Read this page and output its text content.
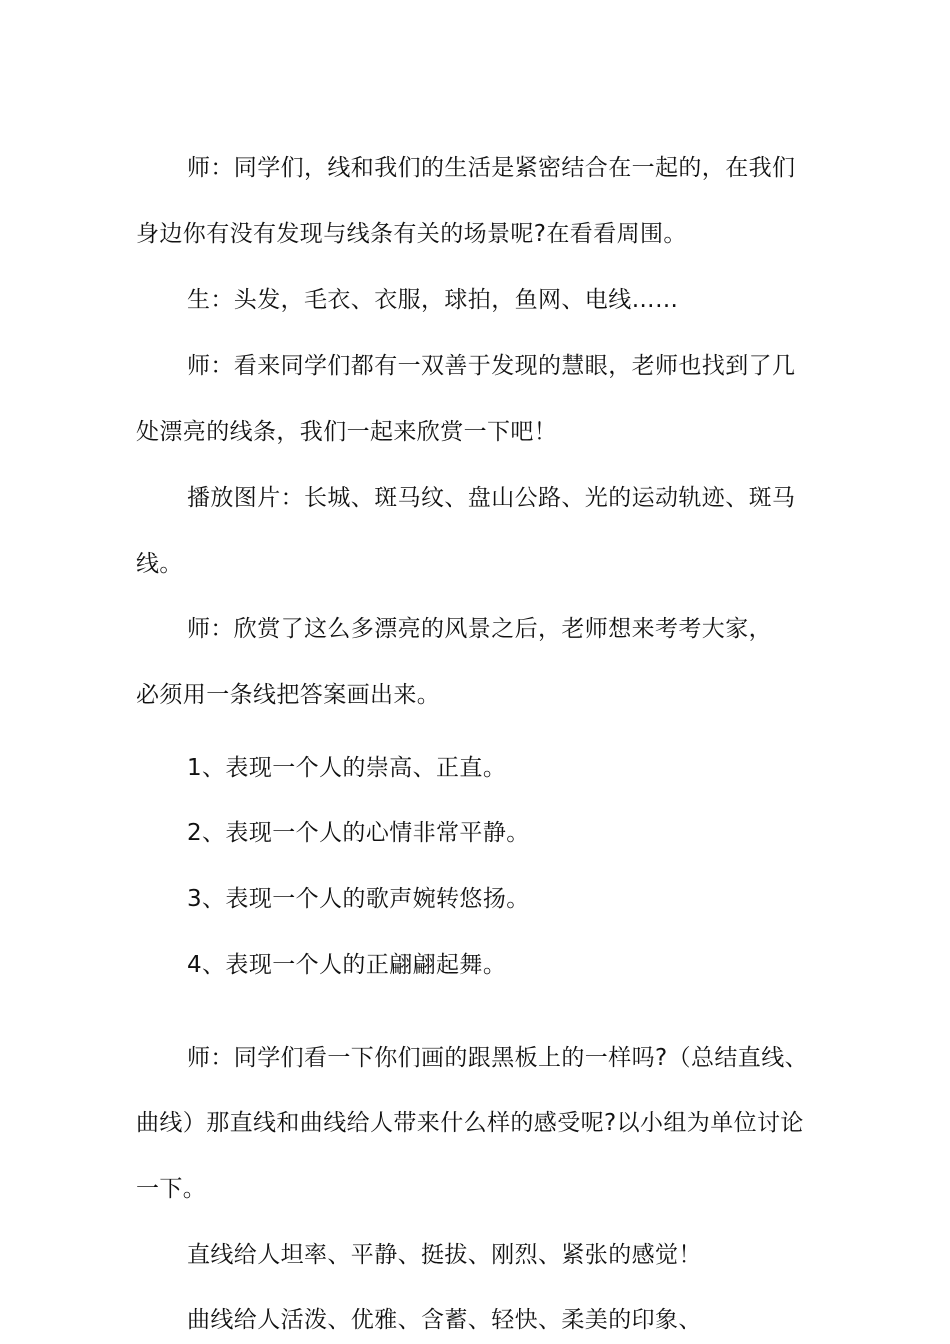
师：同学们，线和我们的生活是紧密结合在一起的，在我们
身边你有没有发现与线条有关的场景呢?在看看周围。
生：头发，毛衣、衣服，球拍，鱼网、电线……
师：看来同学们都有一双善于发现的慧眼，老师也找到了几
处漂亮的线条，我们一起来欣赏一下吧！
播放图片：长城、斑马纹、盘山公路、光的运动轨迹、斑马
线。
师：欣赏了这么多漂亮的风景之后，老师想来考考大家，
必须用一条线把答案画出来。
1、表现一个人的崇高、正直。
2、表现一个人的心情非常平静。
3、表现一个人的歌声婉转悠扬。
4、表现一个人的正翩翩起舞。
师：同学们看一下你们画的跟黑板上的一样吗?（总结直线、
曲线）那直线和曲线给人带来什么样的感受呢?以小组为单位讨论
一下。
直线给人坦率、平静、挺拔、刚烈、紧张的感觉！
曲线给人活泼、优雅、含蓄、轻快、柔美的印象、
